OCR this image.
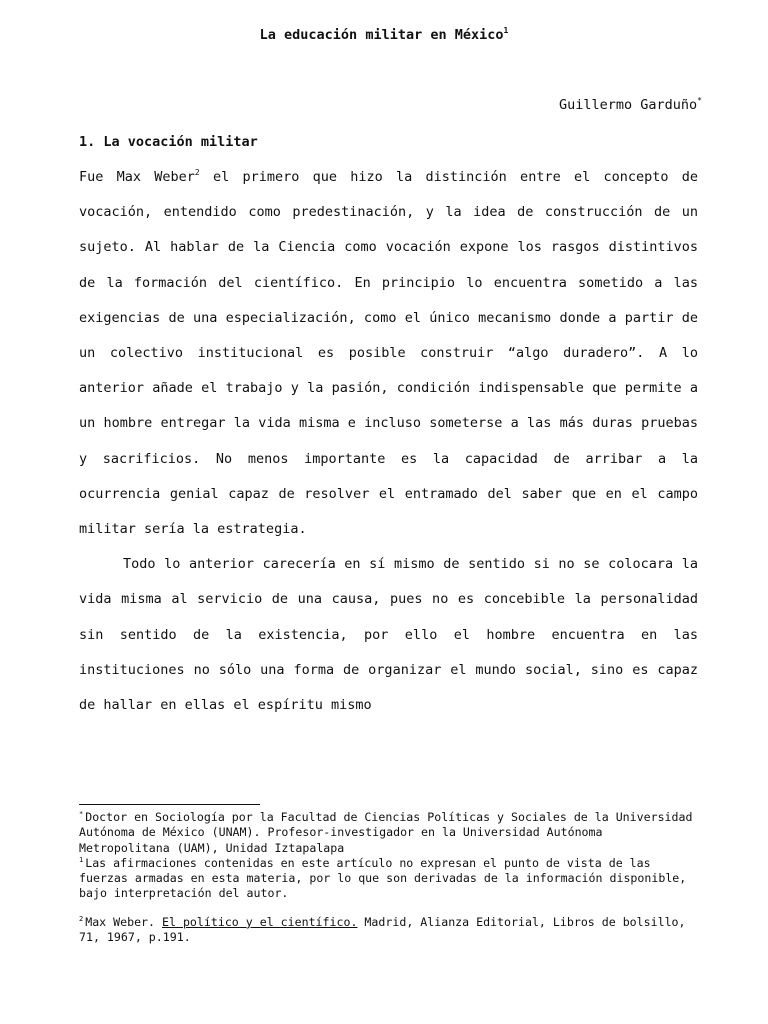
La educación militar en México$^1$
Guillermo Garduño*
1. La vocación militar

Fue Max Weber$^2$ el primero que hizo la distinción entre el concepto de vocación, entendido como predestinación, y la idea de construcción de un sujeto. Al hablar de la Ciencia como vocación expone los rasgos distintivos de la formación del científico. En principio lo encuentra sometido a las exigencias de una especialización, como el único mecanismo donde a partir de un colectivo institucional es posible construir “algo duradero”. A lo anterior añade el trabajo y la pasión, condición indispensable que permite a un hombre entregar la vida misma e incluso someterse a las más duras pruebas y sacrificios. No menos importante es la capacidad de arribar a la ocurrencia genial capaz de resolver el entramado del saber que en el campo militar sería la estrategia.

Todo lo anterior carecería en sí mismo de sentido si no se colocara la vida misma al servicio de una causa, pues no es concebible la personalidad sin sentido de la existencia, por ello el hombre encuentra en las instituciones no sólo una forma de organizar el mundo social, sino es capaz de hallar en ellas el espíritu mismo

* Doctor en Sociología por la Facultad de Ciencias Políticas y Sociales de la Universidad Autónoma de México (UNAM). Profesor-investigador en la Universidad Autónoma Metropolitana (UAM), Unidad Iztapalapa

$^1$ Las afirmaciones contenidas en este artículo no expresan el punto de vista de las fuerzas armadas en esta materia, por lo que son derivadas de la información disponible, bajo interpretación del autor.

$^2$ Max Weber. El político y el científico. Madrid, Alianza Editorial, Libros de bolsillo, 71, 1967, p.191.
